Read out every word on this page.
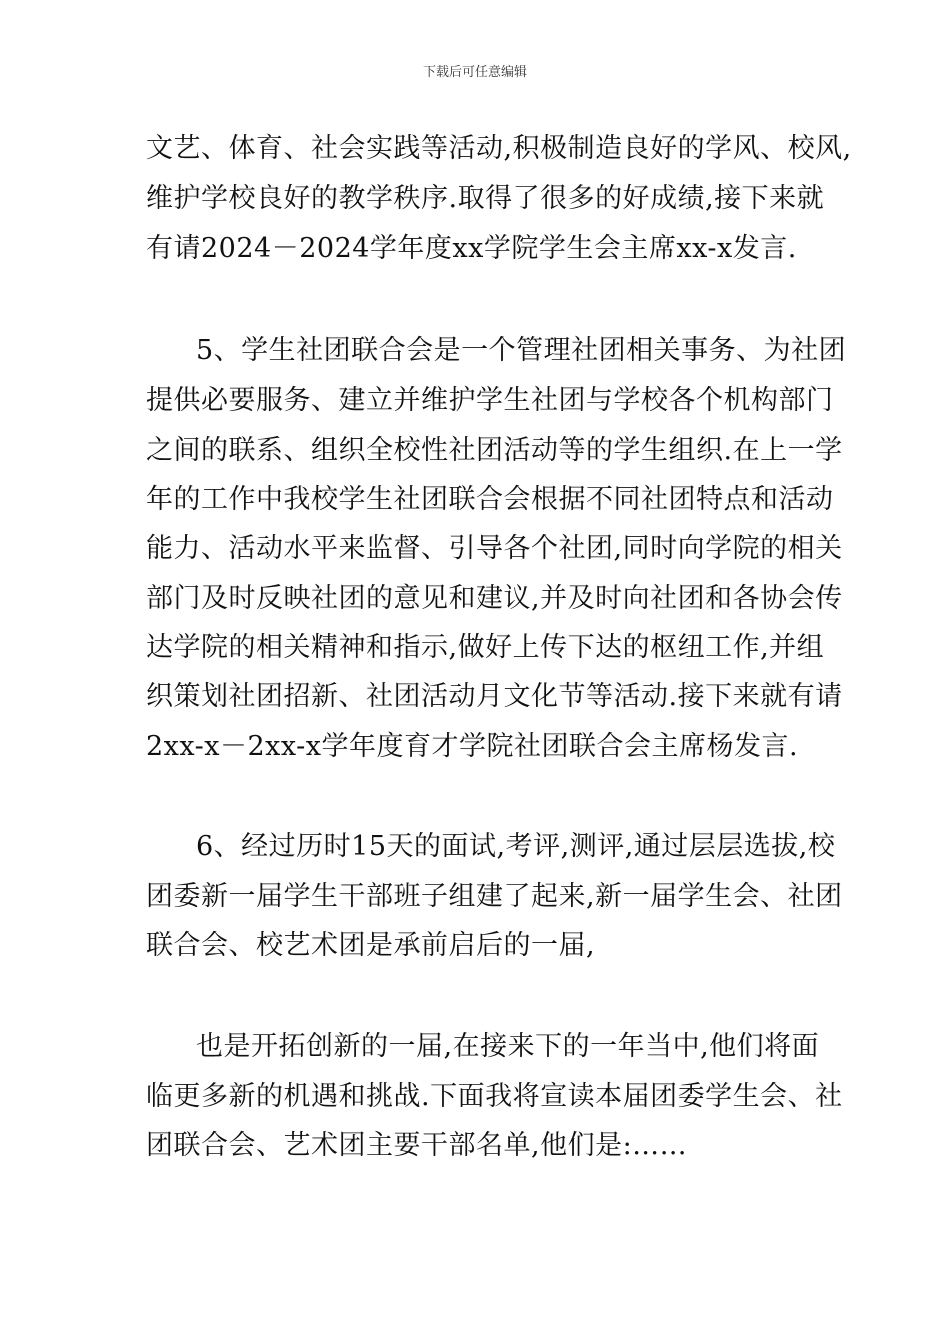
下载后可任意编辑
文艺、体育、社会实践等活动,积极制造良好的学风、校风,
维护学校良好的教学秩序.取得了很多的好成绩,接下来就
有请2024－2024学年度xx学院学生会主席xx-x发言.
5、学生社团联合会是一个管理社团相关事务、为社团
提供必要服务、建立并维护学生社团与学校各个机构部门
之间的联系、组织全校性社团活动等的学生组织.在上一学
年的工作中我校学生社团联合会根据不同社团特点和活动
能力、活动水平来监督、引导各个社团,同时向学院的相关
部门及时反映社团的意见和建议,并及时向社团和各协会传
达学院的相关精神和指示,做好上传下达的枢纽工作,并组
织策划社团招新、社团活动月文化节等活动.接下来就有请
2xx-x－2xx-x学年度育才学院社团联合会主席杨发言.
6、经过历时15天的面试,考评,测评,通过层层选拔,校
团委新一届学生干部班子组建了起来,新一届学生会、社团
联合会、校艺术团是承前启后的一届,
也是开拓创新的一届,在接来下的一年当中,他们将面
临更多新的机遇和挑战.下面我将宣读本届团委学生会、社
团联合会、艺术团主要干部名单,他们是:……
